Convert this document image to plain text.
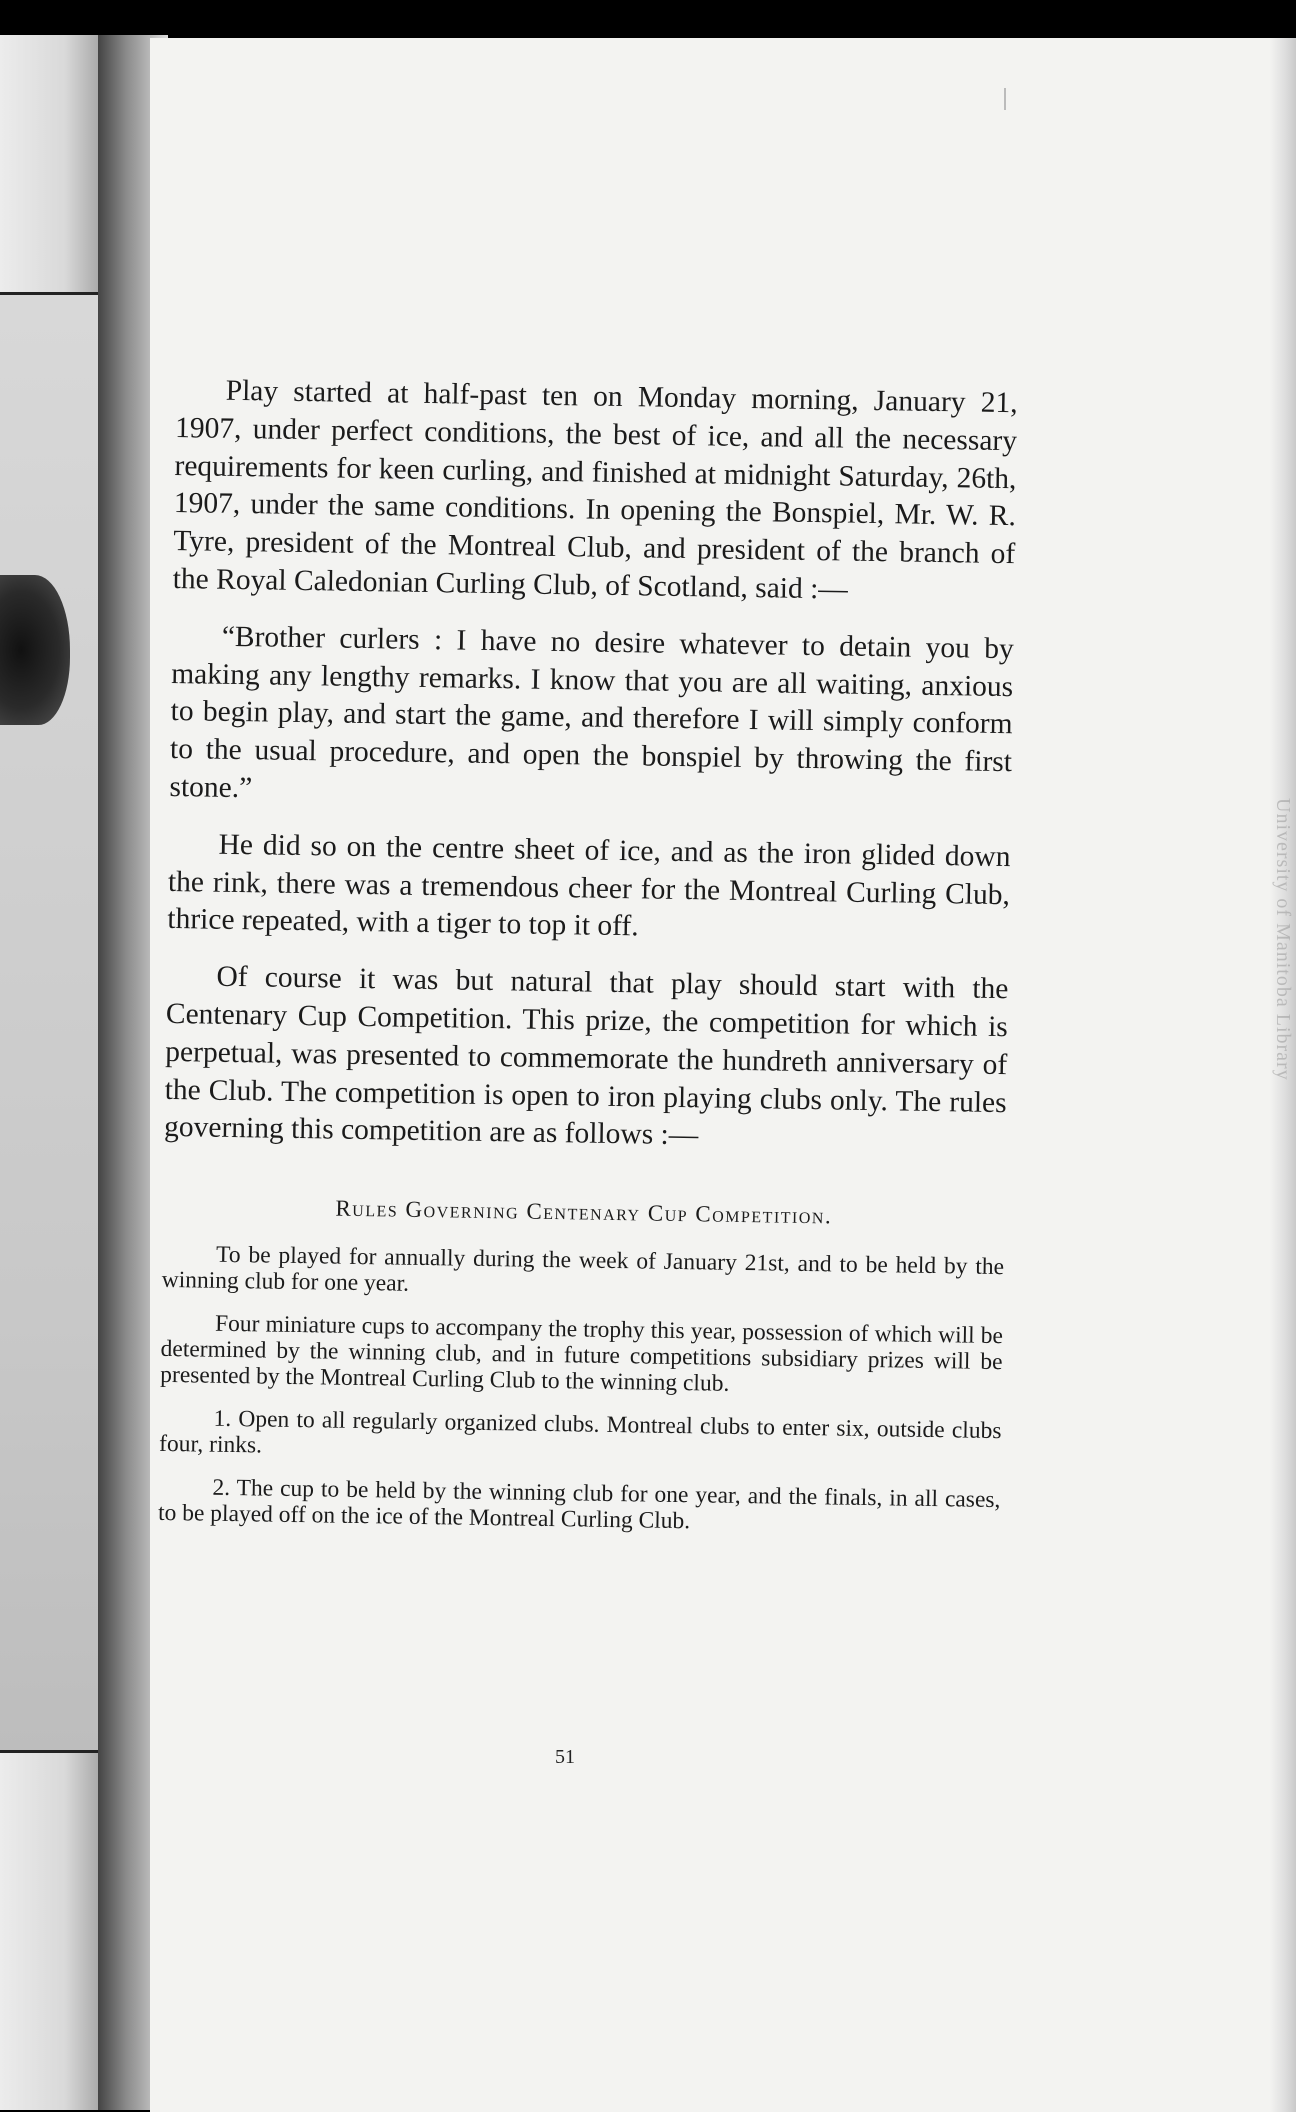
University of Manitoba Library

Play started at half-past ten on Monday morning, January 21, 1907, under perfect conditions, the best of ice, and all the necessary requirements for keen curling, and finished at midnight Saturday, 26th, 1907, under the same conditions. In opening the Bonspiel, Mr. W. R. Tyre, president of the Montreal Club, and president of the branch of the Royal Caledonian Curling Club, of Scotland, said :—

“Brother curlers : I have no desire whatever to detain you by making any lengthy remarks. I know that you are all waiting, anxious to begin play, and start the game, and therefore I will simply conform to the usual procedure, and open the bonspiel by throwing the first stone.”

He did so on the centre sheet of ice, and as the iron glided down the rink, there was a tremendous cheer for the Montreal Curling Club, thrice repeated, with a tiger to top it off.

Of course it was but natural that play should start with the Centenary Cup Competition. This prize, the competition for which is perpetual, was presented to commemorate the hundreth anniversary of the Club. The competition is open to iron playing clubs only. The rules governing this competition are as follows :—

Rules Governing Centenary Cup Competition.

To be played for annually during the week of January 21st, and to be held by the winning club for one year.

Four miniature cups to accompany the trophy this year, possession of which will be determined by the winning club, and in future competitions subsidiary prizes will be presented by the Montreal Curling Club to the winning club.

1. Open to all regularly organized clubs. Montreal clubs to enter six, outside clubs four, rinks.

2. The cup to be held by the winning club for one year, and the finals, in all cases, to be played off on the ice of the Montreal Curling Club.

51
